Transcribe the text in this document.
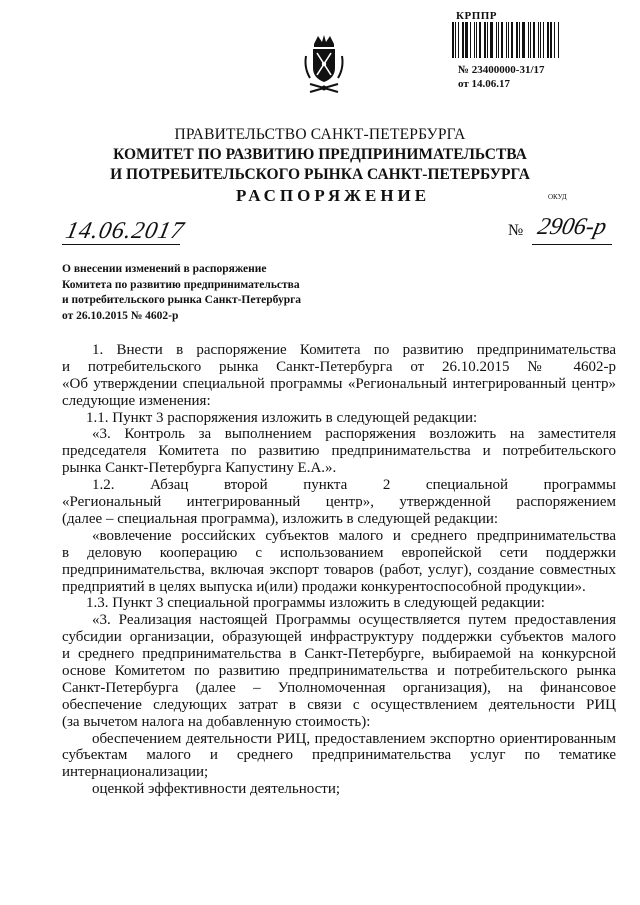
КРППР
№ 23400000-31/17
от 14.06.17
ПРАВИТЕЛЬСТВО САНКТ-ПЕТЕРБУРГА
КОМИТЕТ ПО РАЗВИТИЮ ПРЕДПРИНИМАТЕЛЬСТВА
И ПОТРЕБИТЕЛЬСКОГО РЫНКА САНКТ-ПЕТЕРБУРГА
РАСПОРЯЖЕНИЕ	ОКУД
14.06.2017	№ 2906-р
О внесении изменений в распоряжение
Комитета по развитию предпринимательства
и потребительского рынка Санкт-Петербурга
от 26.10.2015 № 4602-р
1. Внести в распоряжение Комитета по развитию предпринимательства
и потребительского рынка Санкт-Петербурга от 26.10.2015 № 4602-р
«Об утверждении специальной программы «Региональный интегрированный центр»
следующие изменения:
1.1. Пункт 3 распоряжения изложить в следующей редакции:
«3. Контроль за выполнением распоряжения возложить на заместителя
председателя Комитета по развитию предпринимательства и потребительского
рынка Санкт-Петербурга Капустину Е.А.».
1.2. Абзац второй пункта 2 специальной программы
«Региональный интегрированный центр», утвержденной распоряжением
(далее – специальная программа), изложить в следующей редакции:
«вовлечение российских субъектов малого и среднего предпринимательства
в деловую кооперацию с использованием европейской сети поддержки
предпринимательства, включая экспорт товаров (работ, услуг), создание совместных
предприятий в целях выпуска и(или) продажи конкурентоспособной продукции».
1.3. Пункт 3 специальной программы изложить в следующей редакции:
«3. Реализация настоящей Программы осуществляется путем предоставления
субсидии организации, образующей инфраструктуру поддержки субъектов малого
и среднего предпринимательства в Санкт-Петербурге, выбираемой на конкурсной
основе Комитетом по развитию предпринимательства и потребительского рынка
Санкт-Петербурга (далее – Уполномоченная организация), на финансовое
обеспечение следующих затрат в связи с осуществлением деятельности РИЦ
(за вычетом налога на добавленную стоимость):
обеспечением деятельности РИЦ, предоставлением экспортно ориентированным
субъектам малого и среднего предпринимательства услуг по тематике
интернационализации;
оценкой эффективности деятельности;
